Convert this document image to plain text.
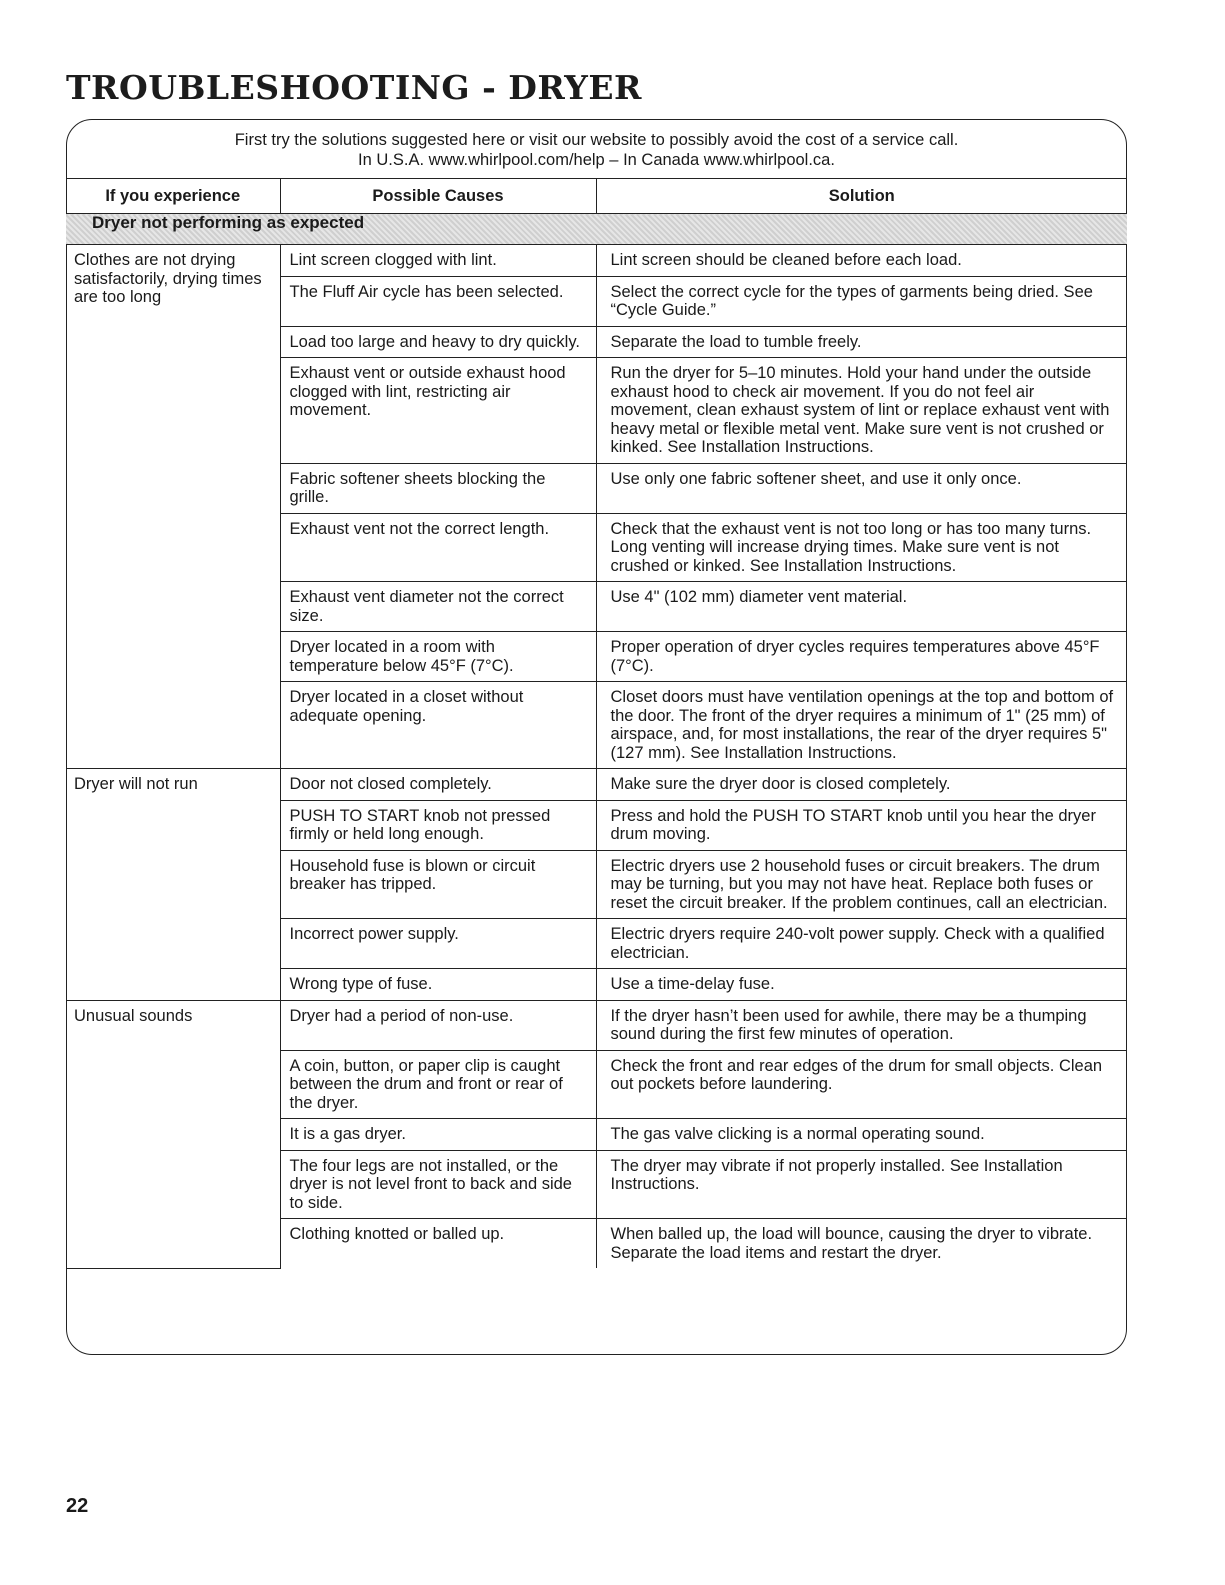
TROUBLESHOOTING - DRYER
First try the solutions suggested here or visit our website to possibly avoid the cost of a service call.
In U.S.A. www.whirlpool.com/help – In Canada www.whirlpool.ca.
If you experience	Possible Causes	Solution
Dryer not performing as expected		
Clothes are not drying satisfactorily, drying times are too long	Lint screen clogged with lint.	Lint screen should be cleaned before each load.
	The Fluff Air cycle has been selected.	Select the correct cycle for the types of garments being dried. See “Cycle Guide.”
	Load too large and heavy to dry quickly.	Separate the load to tumble freely.
	Exhaust vent or outside exhaust hood clogged with lint, restricting air movement.	Run the dryer for 5–10 minutes. Hold your hand under the outside exhaust hood to check air movement. If you do not feel air movement, clean exhaust system of lint or replace exhaust vent with heavy metal or flexible metal vent. Make sure vent is not crushed or kinked. See Installation Instructions.
	Fabric softener sheets blocking the grille.	Use only one fabric softener sheet, and use it only once.
	Exhaust vent not the correct length.	Check that the exhaust vent is not too long or has too many turns. Long venting will increase drying times. Make sure vent is not crushed or kinked. See Installation Instructions.
	Exhaust vent diameter not the correct size.	Use 4" (102 mm) diameter vent material.
	Dryer located in a room with temperature below 45°F (7°C).	Proper operation of dryer cycles requires temperatures above 45°F (7°C).
	Dryer located in a closet without adequate opening.	Closet doors must have ventilation openings at the top and bottom of the door. The front of the dryer requires a minimum of 1" (25 mm) of airspace, and, for most installations, the rear of the dryer requires 5" (127 mm). See Installation Instructions.
Dryer will not run	Door not closed completely.	Make sure the dryer door is closed completely.
	PUSH TO START knob not pressed firmly or held long enough.	Press and hold the PUSH TO START knob until you hear the dryer drum moving.
	Household fuse is blown or circuit breaker has tripped.	Electric dryers use 2 household fuses or circuit breakers. The drum may be turning, but you may not have heat. Replace both fuses or reset the circuit breaker. If the problem continues, call an electrician.
	Incorrect power supply.	Electric dryers require 240-volt power supply. Check with a qualified electrician.
	Wrong type of fuse.	Use a time-delay fuse.
Unusual sounds	Dryer had a period of non-use.	If the dryer hasn’t been used for awhile, there may be a thumping sound during the first few minutes of operation.
	A coin, button, or paper clip is caught between the drum and front or rear of the dryer.	Check the front and rear edges of the drum for small objects. Clean out pockets before laundering.
	It is a gas dryer.	The gas valve clicking is a normal operating sound.
	The four legs are not installed, or the dryer is not level front to back and side to side.	The dryer may vibrate if not properly installed. See Installation Instructions.
	Clothing knotted or balled up.	When balled up, the load will bounce, causing the dryer to vibrate. Separate the load items and restart the dryer.
22
